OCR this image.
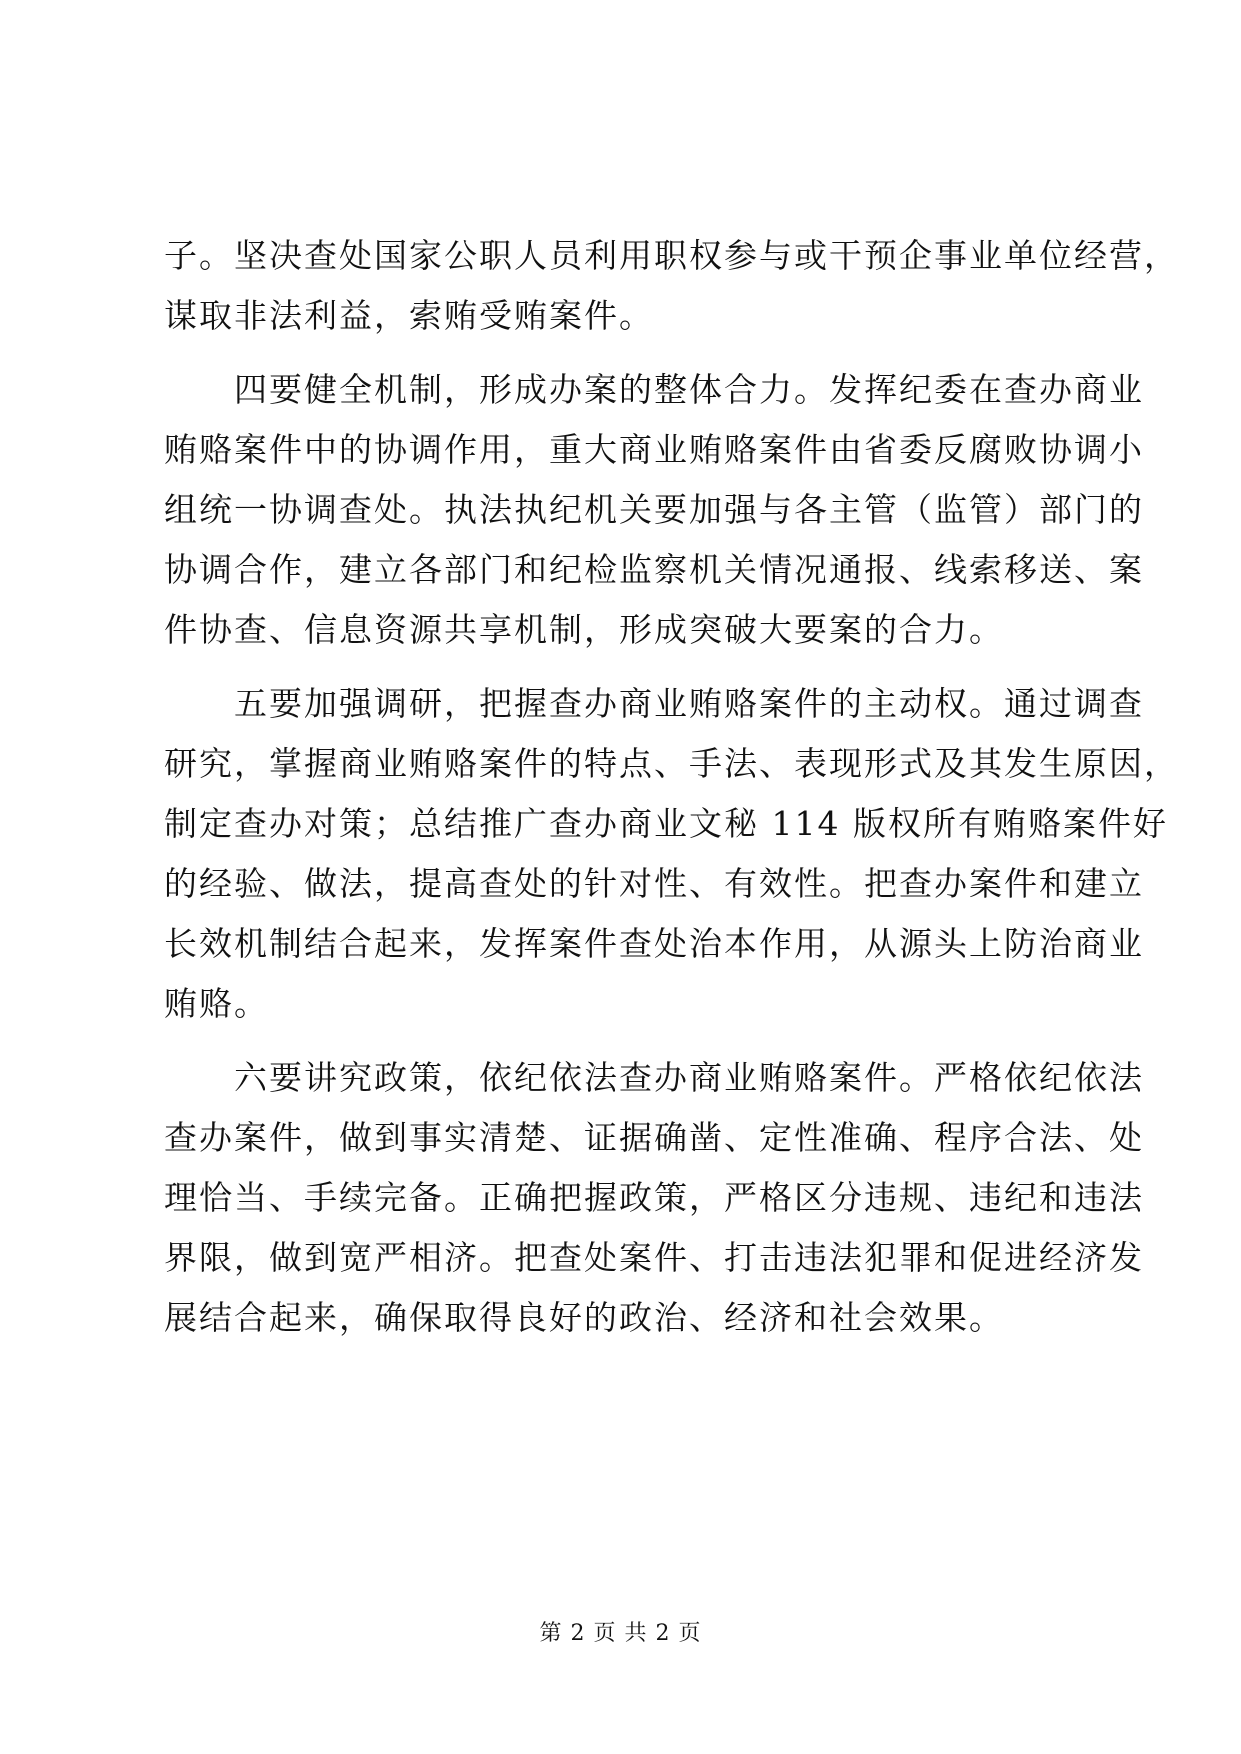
子。坚决查处国家公职人员利用职权参与或干预企事业单位经营，
谋取非法利益，索贿受贿案件。
　　四要健全机制，形成办案的整体合力。发挥纪委在查办商业
贿赂案件中的协调作用，重大商业贿赂案件由省委反腐败协调小
组统一协调查处。执法执纪机关要加强与各主管（监管）部门的
协调合作，建立各部门和纪检监察机关情况通报、线索移送、案
件协查、信息资源共享机制，形成突破大要案的合力。
　　五要加强调研，把握查办商业贿赂案件的主动权。通过调查
研究，掌握商业贿赂案件的特点、手法、表现形式及其发生原因，
制定查办对策；总结推广查办商业文秘 114 版权所有贿赂案件好
的经验、做法，提高查处的针对性、有效性。把查办案件和建立
长效机制结合起来，发挥案件查处治本作用，从源头上防治商业
贿赂。
　　六要讲究政策，依纪依法查办商业贿赂案件。严格依纪依法
查办案件，做到事实清楚、证据确凿、定性准确、程序合法、处
理恰当、手续完备。正确把握政策，严格区分违规、违纪和违法
界限，做到宽严相济。把查处案件、打击违法犯罪和促进经济发
展结合起来，确保取得良好的政治、经济和社会效果。
第 2 页 共 2 页
